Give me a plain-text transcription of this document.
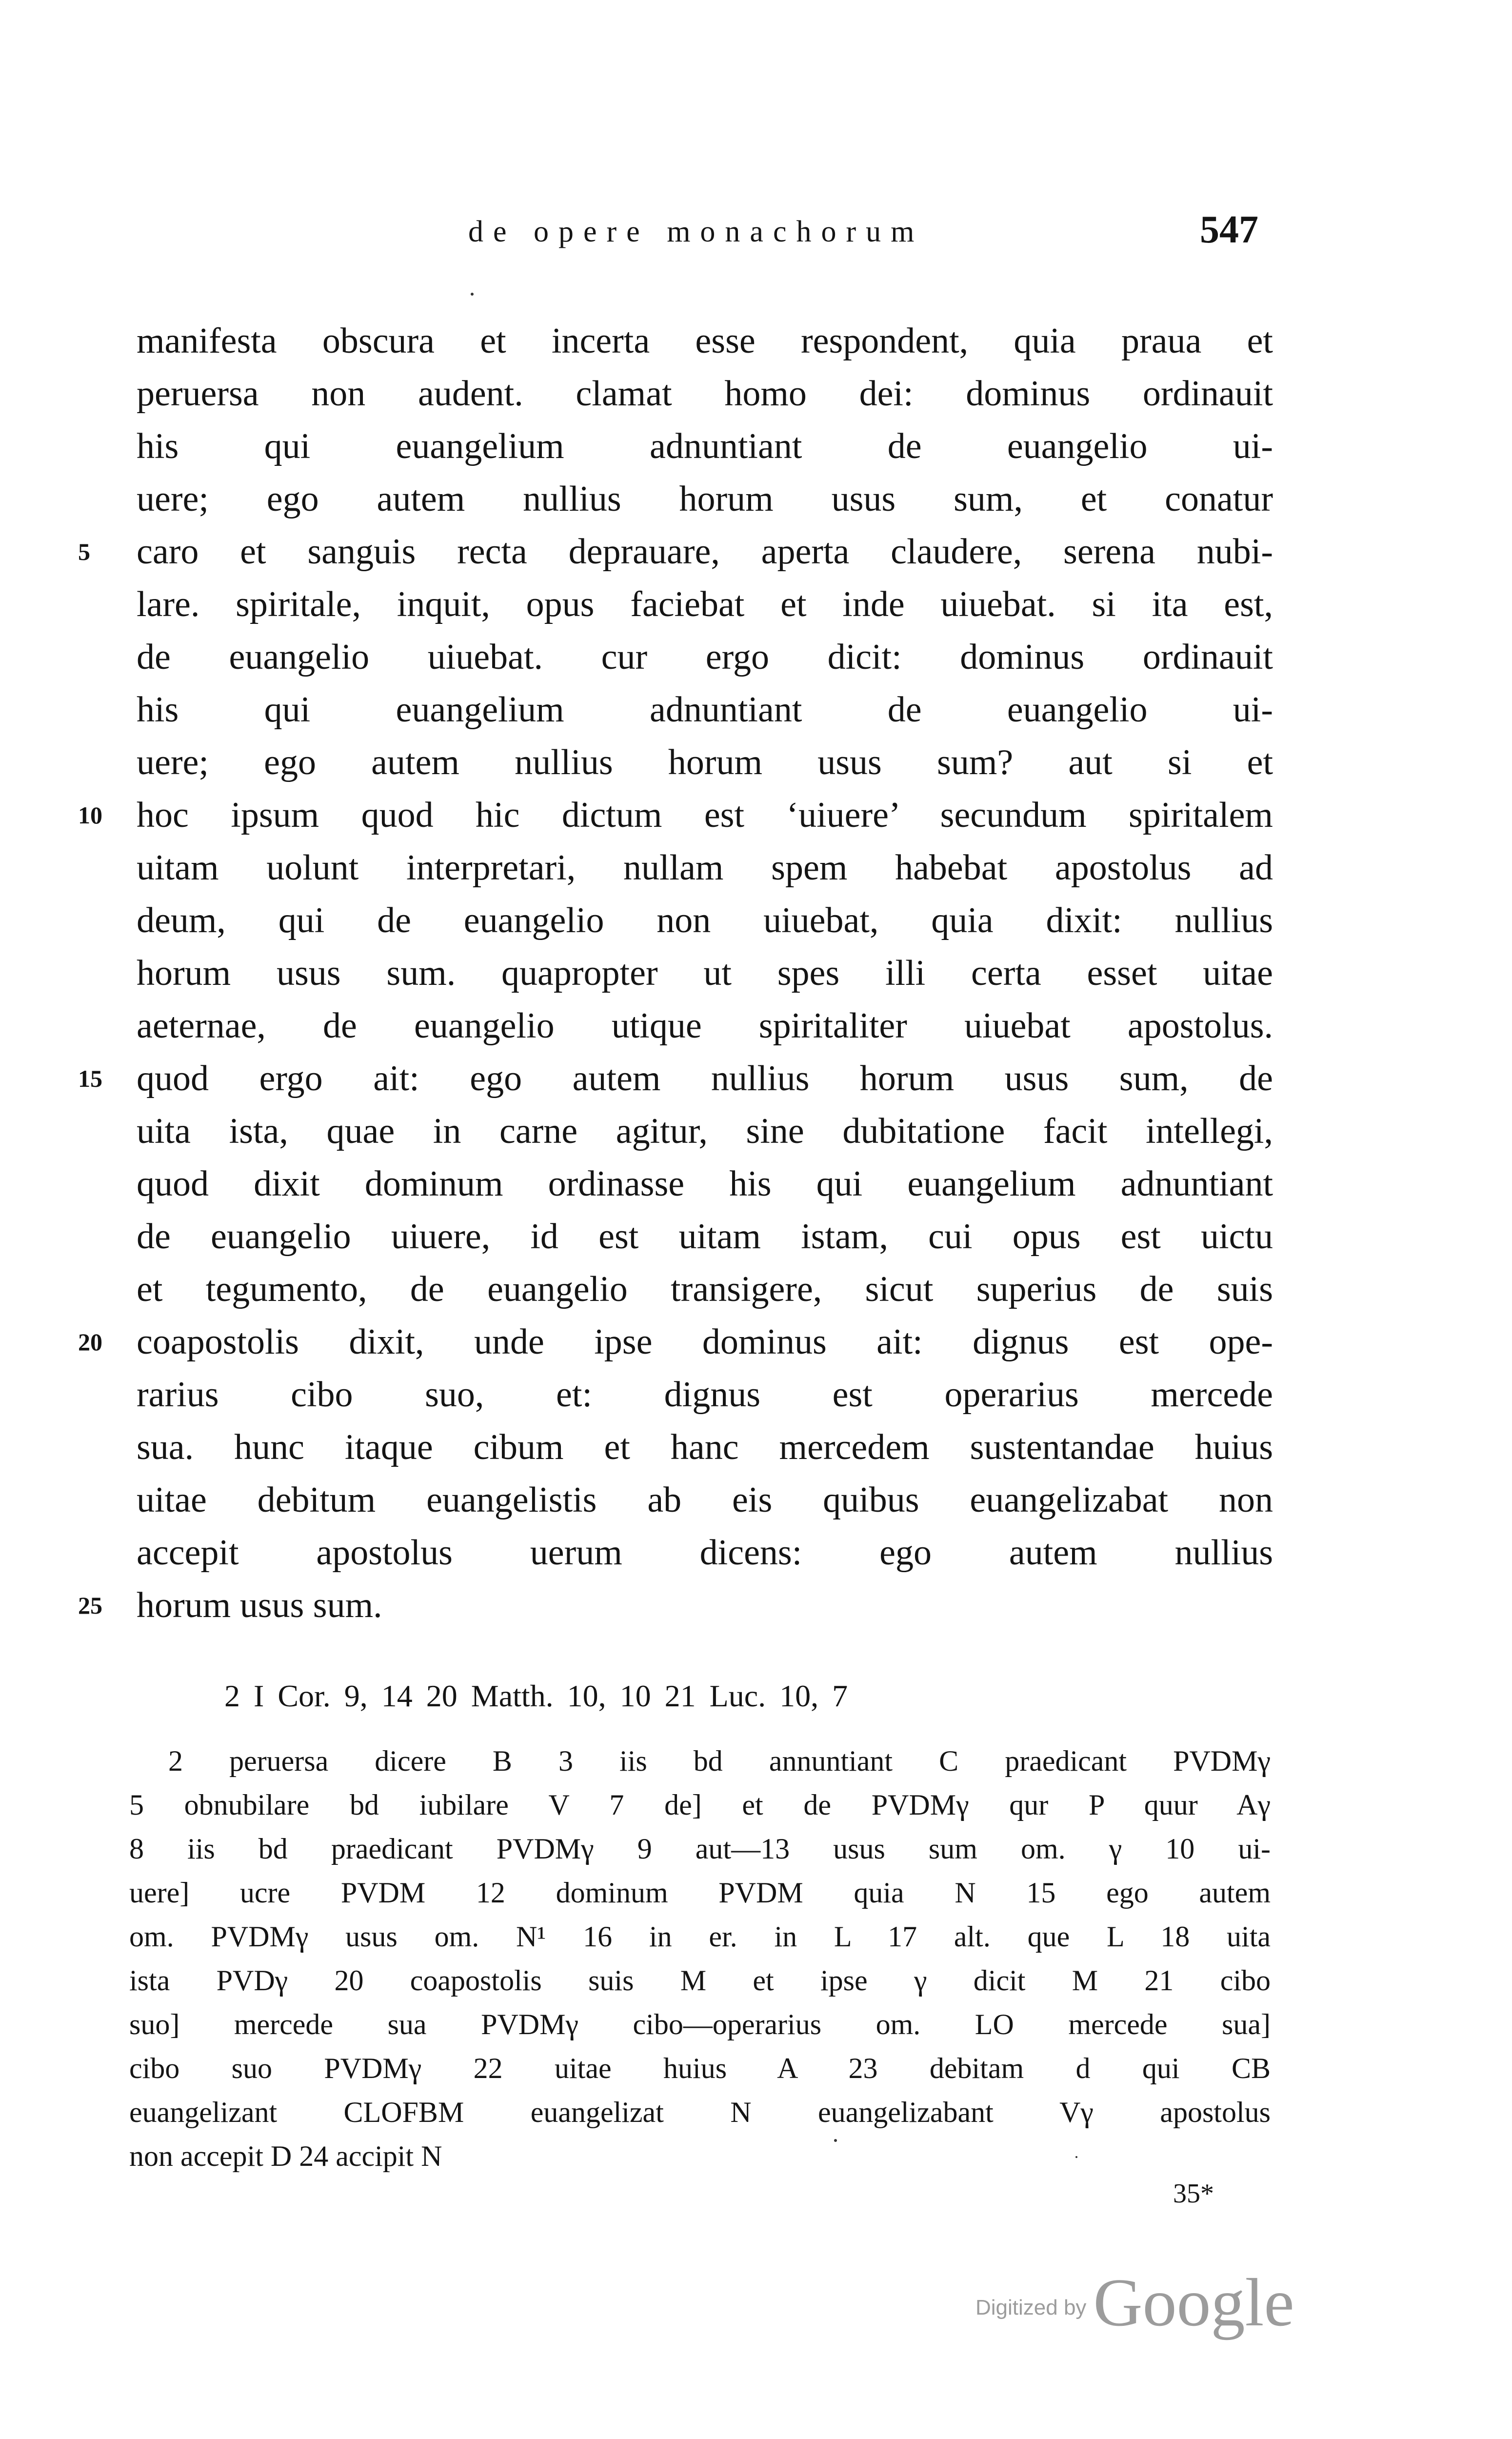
de opere monachorum	547
manifesta obscura et incerta esse respondent, quia praua et
peruersa non audent. clamat homo dei: dominus ordinauit
his qui euangelium adnuntiant de euangelio ui-
uere; ego autem nullius horum usus sum, et conatur
5	caro et sanguis recta deprauare, aperta claudere, serena nubi-
lare. spiritale, inquit, opus faciebat et inde uiuebat. si ita est,
de euangelio uiuebat. cur ergo dicit: dominus ordinauit
his qui euangelium adnuntiant de euangelio ui-
uere; ego autem nullius horum usus sum? aut si et
10 hoc ipsum quod hic dictum est ‘uiuere’ secundum spiritalem
uitam uolunt interpretari, nullam spem habebat apostolus ad
deum, qui de euangelio non uiuebat, quia dixit: nullius
horum usus sum. quapropter ut spes illi certa esset uitae
aeternae, de euangelio utique spiritaliter uiuebat apostolus.
15 quod ergo ait: ego autem nullius horum usus sum, de
uita ista, quae in carne agitur, sine dubitatione facit intellegi,
quod dixit dominum ordinasse his qui euangelium adnuntiant
de euangelio uiuere, id est uitam istam, cui opus est uictu
et tegumento, de euangelio transigere, sicut superius de suis
20 coapostolis dixit, unde ipse dominus ait: dignus est ope-
rarius cibo suo, et: dignus est operarius mercede
sua. hunc itaque cibum et hanc mercedem sustentandae huius
uitae debitum euangelistis ab eis quibus euangelizabat non
accepit apostolus uerum dicens: ego autem nullius
25 horum usus sum.
2 I Cor. 9, 14 20 Matth. 10, 10 21 Luc. 10, 7
2 peruersa dicere B 3 iis bd annuntiant C praedicant PVDMγ
5 obnubilare bd iubilare V 7 de] et de PVDMγ qur P quur Aγ
8 iis bd praedicant PVDMγ 9 aut—13 usus sum om. γ 10 ui-
uere] ucre PVDM 12 dominum PVDM quia N 15 ego autem
om. PVDMγ usus om. N¹ 16 in er. in L 17 alt. que L 18 uita
ista PVDγ 20 coapostolis suis M et ipse γ dicit M 21 cibo
suo] mercede sua PVDMγ cibo—operarius om. LO mercede sua]
cibo suo PVDMγ 22 uitae huius A 23 debitam d qui CB
euangelizant CLOFBM euangelizat N euangelizabant Vγ apostolus
non accepit D 24 accipit N
35*
Digitized by Google
